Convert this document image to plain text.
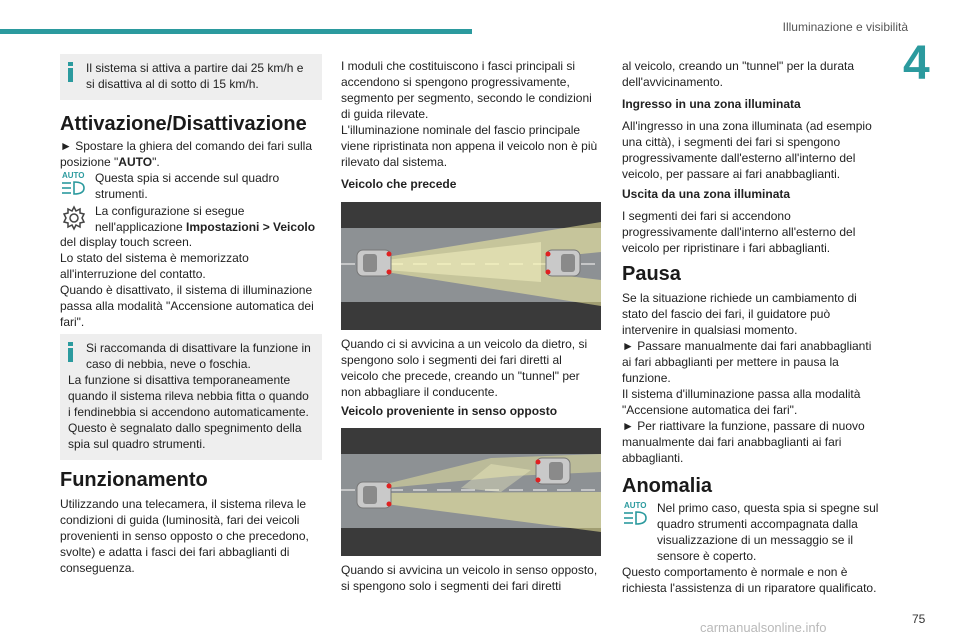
Illuminazione e visibilità
4
Il sistema si attiva a partire dai 25 km/h e si disattiva al di sotto di 15 km/h.
Attivazione/Disattivazione

► Spostare la ghiera del comando dei fari sulla posizione "AUTO".

AUTO Questa spia si accende sul quadro strumenti.

La configurazione si esegue nell'applicazione Impostazioni > Veicolo

del display touch screen.

Lo stato del sistema è memorizzato all'interruzione del contatto.

Quando è disattivato, il sistema di illuminazione passa alla modalità "Accensione automatica dei fari".

Si raccomanda di disattivare la funzione in caso di nebbia, neve o foschia.
La funzione si disattiva temporaneamente quando il sistema rileva nebbia fitta o quando i fendinebbia si accendono automaticamente.
Questo è segnalato dallo spegnimento della spia sul quadro strumenti.
Funzionamento

Utilizzando una telecamera, il sistema rileva le condizioni di guida (luminosità, fari dei veicoli provenienti in senso opposto o che precedono, svolte) e adatta i fasci dei fari abbaglianti di conseguenza.

I moduli che costituiscono i fasci principali si accendono si spengono progressivamente, segmento per segmento, secondo le condizioni di guida rilevate.

L'illuminazione nominale del fascio principale viene ripristinata non appena il veicolo non è più rilevato dal sistema.

Veicolo che precede

Quando ci si avvicina a un veicolo da dietro, si spengono solo i segmenti dei fari diretti al veicolo che precede, creando un "tunnel" per non abbagliare il conducente.

Veicolo proveniente in senso opposto

Quando si avvicina un veicolo in senso opposto, si spengono solo i segmenti dei fari diretti

al veicolo, creando un "tunnel" per la durata dell'avvicinamento.

Ingresso in una zona illuminata

All'ingresso in una zona illuminata (ad esempio una città), i segmenti dei fari si spengono progressivamente dall'esterno all'interno del veicolo, per passare ai fari anabbaglianti.

Uscita da una zona illuminata

I segmenti dei fari si accendono progressivamente dall'interno all'esterno del veicolo per ripristinare i fari abbaglianti.

Pausa

Se la situazione richiede un cambiamento di stato del fascio dei fari, il guidatore può intervenire in qualsiasi momento.

► Passare manualmente dai fari anabbaglianti ai fari abbaglianti per mettere in pausa la funzione.

Il sistema d'illuminazione passa alla modalità "Accensione automatica dei fari".

► Per riattivare la funzione, passare di nuovo manualmente dai fari anabbaglianti ai fari abbaglianti.

Anomalia
AUTO Nel primo caso, questa spia si spegne sul quadro strumenti accompagnata dalla visualizzazione di un messaggio se il sensore è coperto.

Questo comportamento è normale e non è richiesta l'assistenza di un riparatore qualificato.

75
carmanualsonline.info
